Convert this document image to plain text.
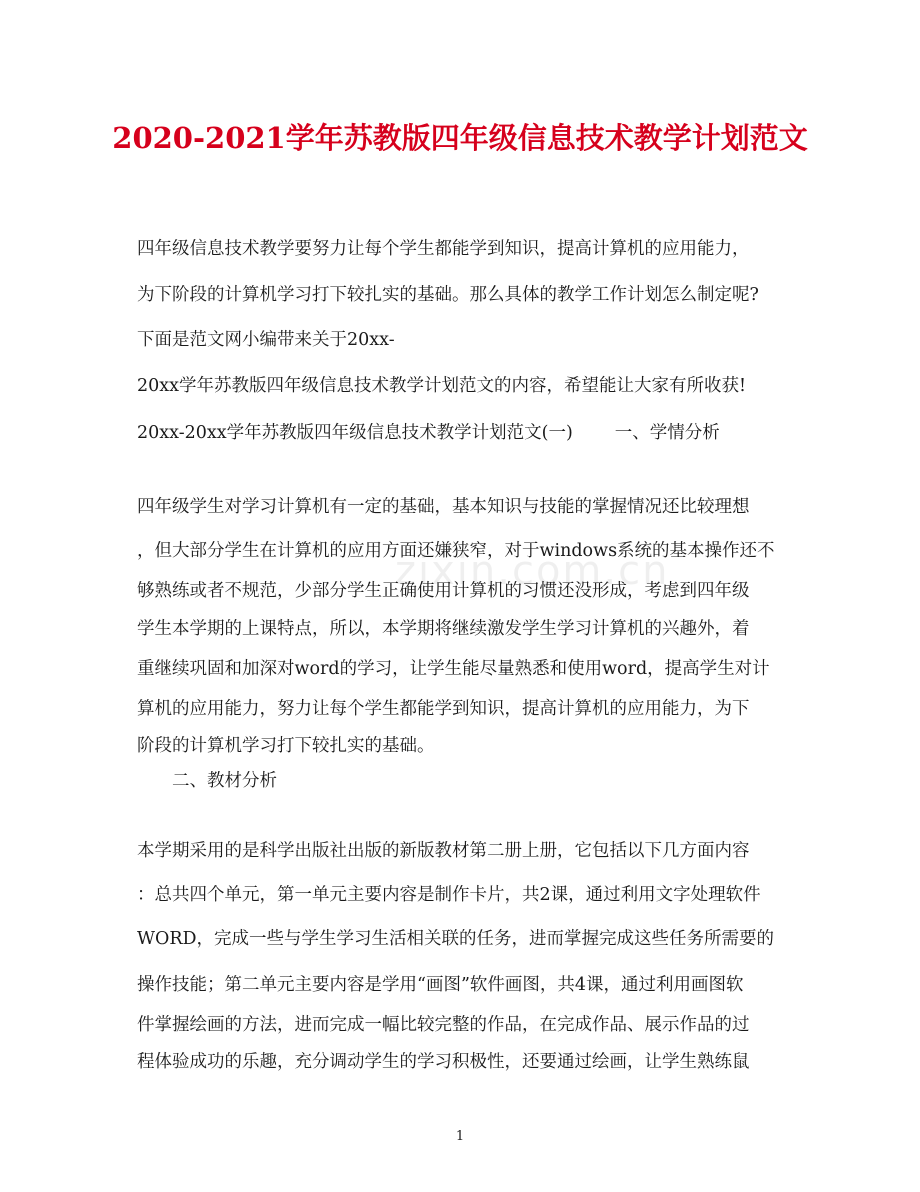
2020-2021学年苏教版四年级信息技术教学计划范文
四年级信息技术教学要努力让每个学生都能学到知识，提高计算机的应用能力，
为下阶段的计算机学习打下较扎实的基础。那么具体的教学工作计划怎么制定呢?
下面是范文网小编带来关于20xx-
20xx学年苏教版四年级信息技术教学计划范文的内容，希望能让大家有所收获!
20xx-20xx学年苏教版四年级信息技术教学计划范文(一) 一、学情分析
四年级学生对学习计算机有一定的基础，基本知识与技能的掌握情况还比较理想
，但大部分学生在计算机的应用方面还嫌狭窄，对于windows系统的基本操作还不
够熟练或者不规范，少部分学生正确使用计算机的习惯还没形成，考虑到四年级
学生本学期的上课特点，所以，本学期将继续激发学生学习计算机的兴趣外，着
重继续巩固和加深对word的学习，让学生能尽量熟悉和使用word，提高学生对计
算机的应用能力，努力让每个学生都能学到知识，提高计算机的应用能力，为下
阶段的计算机学习打下较扎实的基础。
二、教材分析
本学期采用的是科学出版社出版的新版教材第二册上册，它包括以下几方面内容
：总共四个单元，第一单元主要内容是制作卡片，共2课，通过利用文字处理软件
WORD，完成一些与学生学习生活相关联的任务，进而掌握完成这些任务所需要的
操作技能；第二单元主要内容是学用“画图”软件画图，共4课，通过利用画图软
件掌握绘画的方法，进而完成一幅比较完整的作品，在完成作品、展示作品的过
程体验成功的乐趣，充分调动学生的学习积极性，还要通过绘画，让学生熟练鼠
zixin.com.cn
1
